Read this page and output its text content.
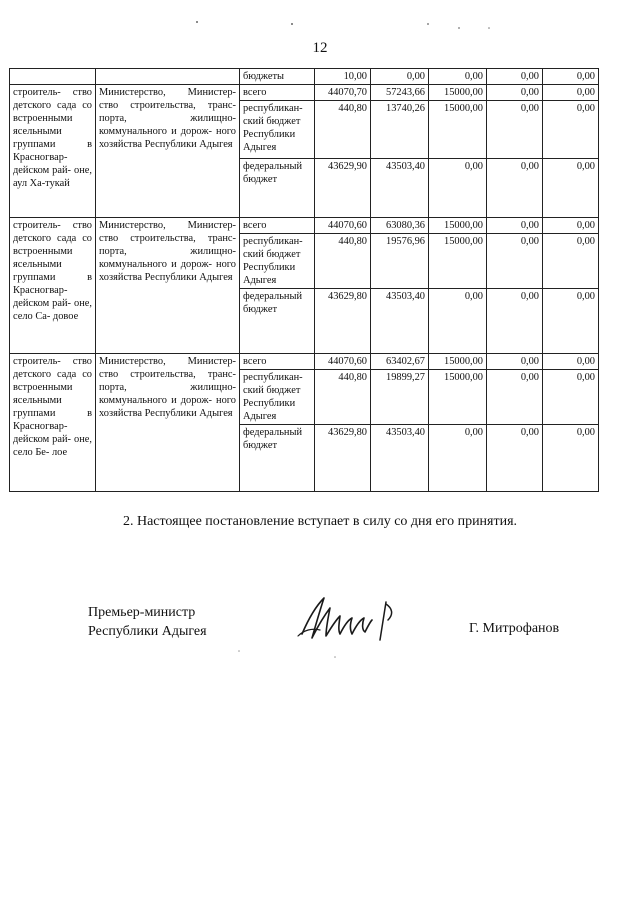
12
		бюджеты	10,00	0,00	0,00	0,00	0,00
строитель- ство детского сада со встроенными ясельными группами в Красногвар- дейском рай- оне, аул Ха-тукай	Министерство, Министер- ство строительства, транс- порта, жилищно- коммунального и дорож- ного хозяйства Республики Адыгея	всего	44070,70	57243,66	15000,00	0,00	0,00
		республикан- ский бюджет Республики Адыгея	440,80	13740,26	15000,00	0,00	0,00
		федеральный бюджет	43629,90	43503,40	0,00	0,00	0,00
строитель- ство детского сада со встроенными ясельными группами в Красногвар- дейском рай- оне, село Са- довое	Министерство, Министер- ство строительства, транс- порта, жилищно- коммунального и дорож- ного хозяйства Республики Адыгея	всего	44070,60	63080,36	15000,00	0,00	0,00
		республикан- ский бюджет Республики Адыгея	440,80	19576,96	15000,00	0,00	0,00
		федеральный бюджет	43629,80	43503,40	0,00	0,00	0,00
строитель- ство детского сада со встроенными ясельными группами в Красногвар- дейском рай- оне, село Бе- лое	Министерство, Министер- ство строительства, транс- порта, жилищно- коммунального и дорож- ного хозяйства Республики Адыгея	всего	44070,60	63402,67	15000,00	0,00	0,00
		республикан- ский бюджет Республики Адыгея	440,80	19899,27	15000,00	0,00	0,00
		федеральный бюджет	43629,80	43503,40	0,00	0,00	0,00
2. Настоящее постановление вступает в силу со дня его принятия.
Премьер-министр
Республики Адыгея	Г. Митрофанов
